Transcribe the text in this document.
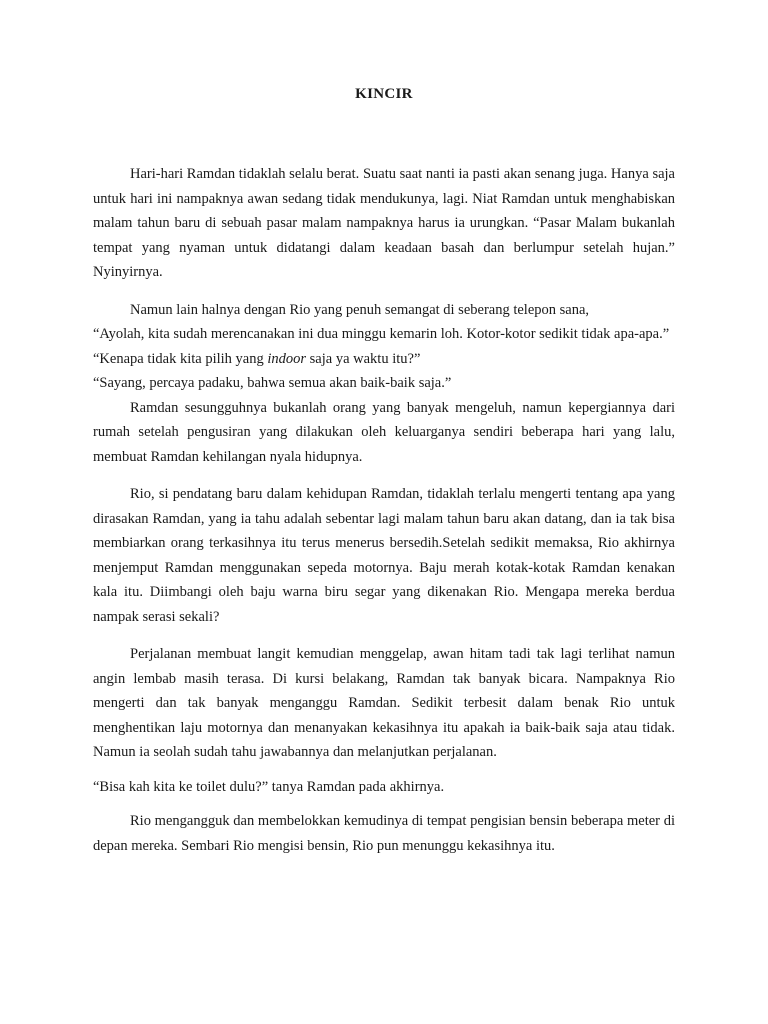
KINCIR

Hari-hari Ramdan tidaklah selalu berat. Suatu saat nanti ia pasti akan senang juga. Hanya saja untuk hari ini nampaknya awan sedang tidak mendukunya, lagi. Niat Ramdan untuk menghabiskan malam tahun baru di sebuah pasar malam nampaknya harus ia urungkan. “Pasar Malam bukanlah tempat yang nyaman untuk didatangi dalam keadaan basah dan berlumpur setelah hujan.” Nyinyirnya.

Namun lain halnya dengan Rio yang penuh semangat di seberang telepon sana,

“Ayolah, kita sudah merencanakan ini dua minggu kemarin loh. Kotor-kotor sedikit tidak apa-apa.”

“Kenapa tidak kita pilih yang indoor saja ya waktu itu?”

“Sayang, percaya padaku, bahwa semua akan baik-baik saja.”

Ramdan sesungguhnya bukanlah orang yang banyak mengeluh, namun kepergiannya dari rumah setelah pengusiran yang dilakukan oleh keluarganya sendiri beberapa hari yang lalu, membuat Ramdan kehilangan nyala hidupnya.

Rio, si pendatang baru dalam kehidupan Ramdan, tidaklah terlalu mengerti tentang apa yang dirasakan Ramdan, yang ia tahu adalah sebentar lagi malam tahun baru akan datang, dan ia tak bisa membiarkan orang terkasihnya itu terus menerus bersedih.Setelah sedikit memaksa, Rio akhirnya menjemput Ramdan menggunakan sepeda motornya. Baju merah kotak-kotak Ramdan kenakan kala itu. Diimbangi oleh baju warna biru segar yang dikenakan Rio. Mengapa mereka berdua nampak serasi sekali?

Perjalanan membuat langit kemudian menggelap, awan hitam tadi tak lagi terlihat namun angin lembab masih terasa. Di kursi belakang, Ramdan tak banyak bicara. Nampaknya Rio mengerti dan tak banyak menganggu Ramdan. Sedikit terbesit dalam benak Rio untuk menghentikan laju motornya dan menanyakan kekasihnya itu apakah ia baik-baik saja atau tidak. Namun ia seolah sudah tahu jawabannya dan melanjutkan perjalanan.

“Bisa kah kita ke toilet dulu?” tanya Ramdan pada akhirnya.

Rio mengangguk dan membelokkan kemudinya di tempat pengisian bensin beberapa meter di depan mereka. Sembari Rio mengisi bensin, Rio pun menunggu kekasihnya itu.
